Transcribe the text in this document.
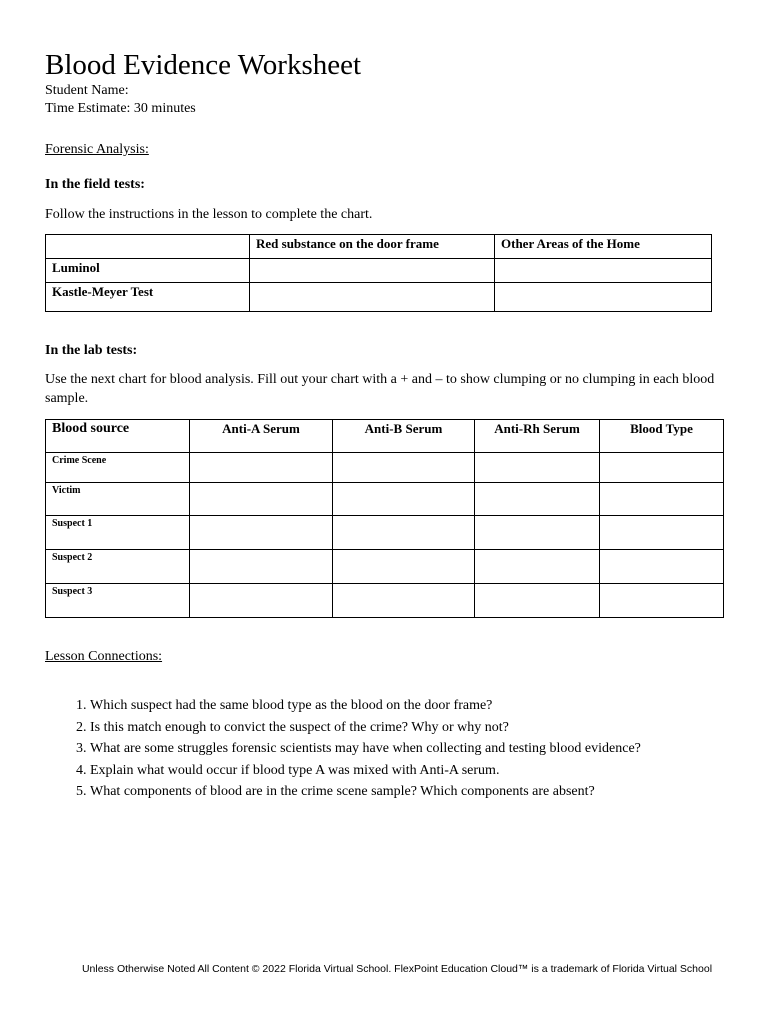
Blood Evidence Worksheet
Student Name:
Time Estimate: 30 minutes
Forensic Analysis:
In the field tests:
Follow the instructions in the lesson to complete the chart.
	Red substance on the door frame	Other Areas of the Home
Luminol		
Kastle-Meyer Test		
In the lab tests:
Use the next chart for blood analysis. Fill out your chart with a + and – to show clumping or no clumping in each blood sample.
Blood source	Anti-A Serum	Anti-B Serum	Anti-Rh Serum	Blood Type
Crime Scene				
Victim				
Suspect 1				
Suspect 2				
Suspect 3				
Lesson Connections:
1. Which suspect had the same blood type as the blood on the door frame?
2. Is this match enough to convict the suspect of the crime? Why or why not?
3. What are some struggles forensic scientists may have when collecting and testing blood evidence?
4. Explain what would occur if blood type A was mixed with Anti-A serum.
5. What components of blood are in the crime scene sample? Which components are absent?
Unless Otherwise Noted All Content © 2022 Florida Virtual School. FlexPoint Education Cloud™ is a trademark of Florida Virtual School
